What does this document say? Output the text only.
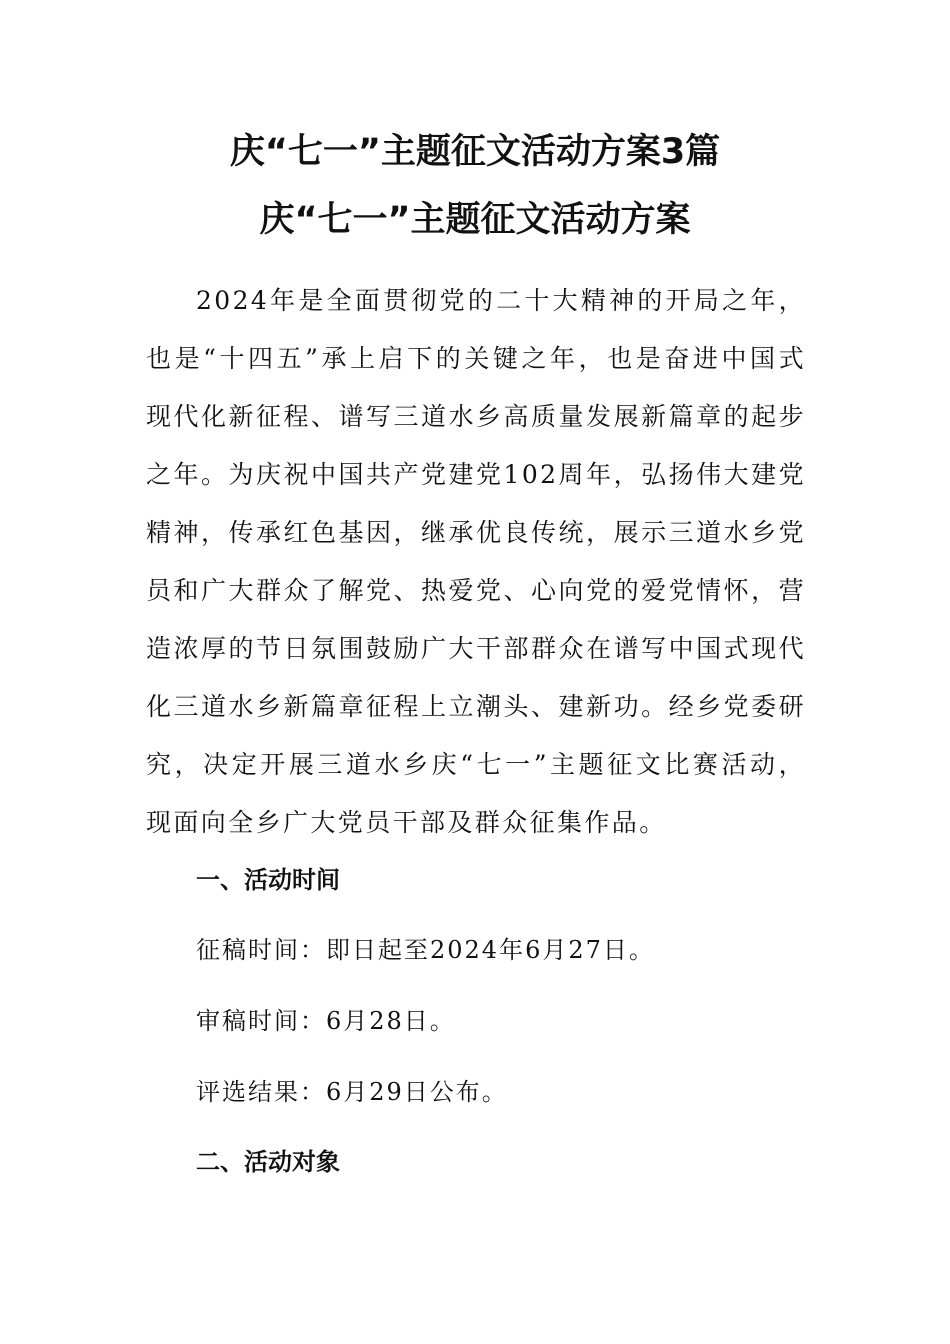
庆“七一”主题征文活动方案3篇
庆“七一”主题征文活动方案

2024年是全面贯彻党的二十大精神的开局之年，也是“十四五”承上启下的关键之年，也是奋进中国式现代化新征程、谱写三道水乡高质量发展新篇章的起步之年。为庆祝中国共产党建党102周年，弘扬伟大建党精神，传承红色基因，继承优良传统，展示三道水乡党员和广大群众了解党、热爱党、心向党的爱党情怀，营造浓厚的节日氛围鼓励广大干部群众在谱写中国式现代化三道水乡新篇章征程上立潮头、建新功。经乡党委研究，决定开展三道水乡庆“七一”主题征文比赛活动，现面向全乡广大党员干部及群众征集作品。

一、活动时间
征稿时间：即日起至2024年6月27日。
审稿时间：6月28日。
评选结果：6月29日公布。
二、活动对象
